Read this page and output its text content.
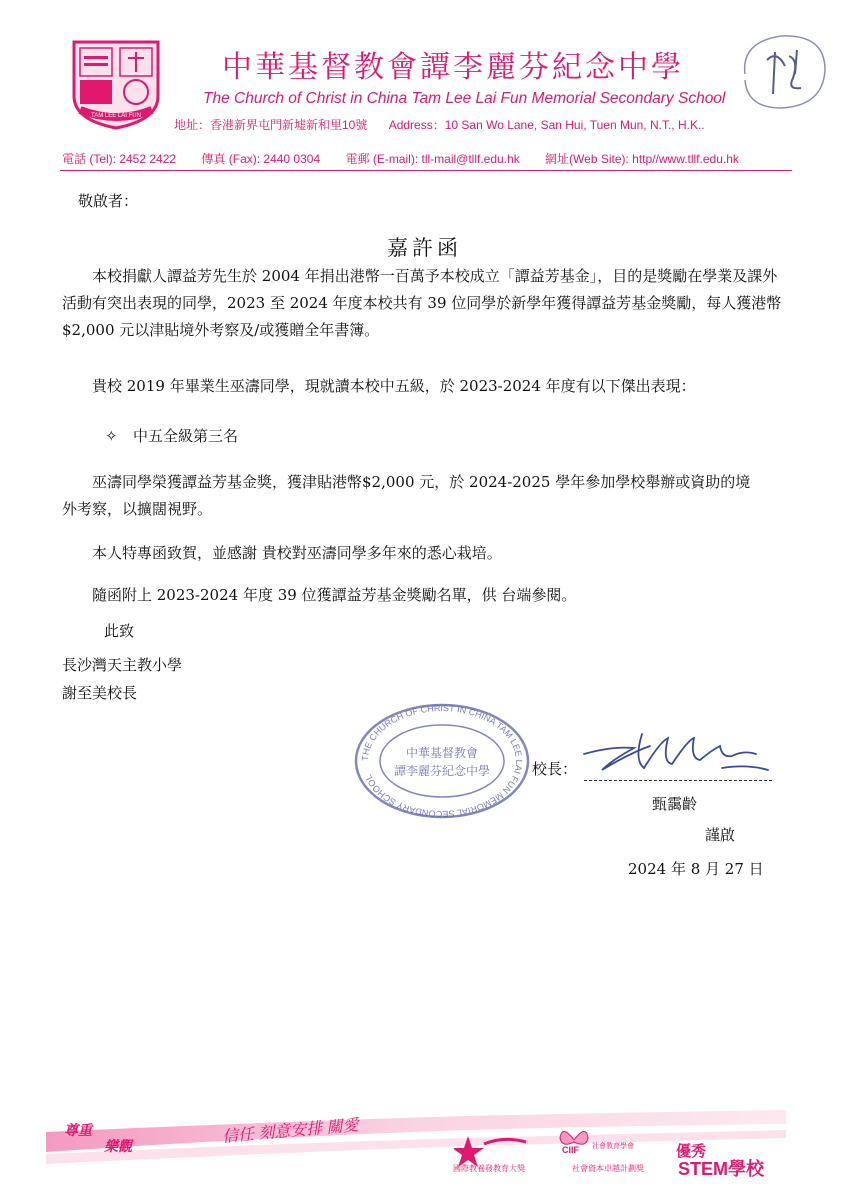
TAM LEE LAI FUN
中華基督教會譚李麗芬紀念中學
The Church of Christ in China Tam Lee Lai Fun Memorial Secondary School
地址：香港新界屯門新墟新和里10號 Address：10 San Wo Lane, San Hui, Tuen Mun, N.T., H.K..
電話 (Tel): 2452 2422 傳真 (Fax): 2440 0304 電郵 (E-mail): tll-mail@tllf.edu.hk 網址(Web Site): http//www.tllf.edu.hk
敬啟者：
嘉許函
　　本校捐獻人譚益芳先生於 2004 年捐出港幣一百萬予本校成立「譚益芳基金」，目的是獎勵在學業及課外活動有突出表現的同學，2023 至 2024 年度本校共有 39 位同學於新學年獲得譚益芳基金獎勵，每人獲港幣$2,000 元以津貼境外考察及/或獲贈全年書簿。
　　貴校 2019 年畢業生巫濤同學，現就讀本校中五級，於 2023-2024 年度有以下傑出表現：
✧ 中五全級第三名
　　巫濤同學榮獲譚益芳基金獎，獲津貼港幣$2,000 元，於 2024-2025 學年參加學校舉辦或資助的境外考察，以擴闊視野。
　　本人特專函致賀，並感謝 貴校對巫濤同學多年來的悉心栽培。
　　隨函附上 2023-2024 年度 39 位獲譚益芳基金獎勵名單，供 台端參閱。
此致
長沙灣天主教小學
謝至美校長
THE CHURCH OF CHRIST IN CHINA TAM LEE LAI FUN MEMORIAL SECONDARY SCHOOL
中華基督教會
譚李麗芬紀念中學	校長：
甄靄齡
謹啟
2024 年 8 月 27 日
尊重
樂觀
信任 刻意安排 關愛
國際教養發教育大獎
CIIF 社會教育學會
社會資本卓越計劃獎
優秀
STEM學校
